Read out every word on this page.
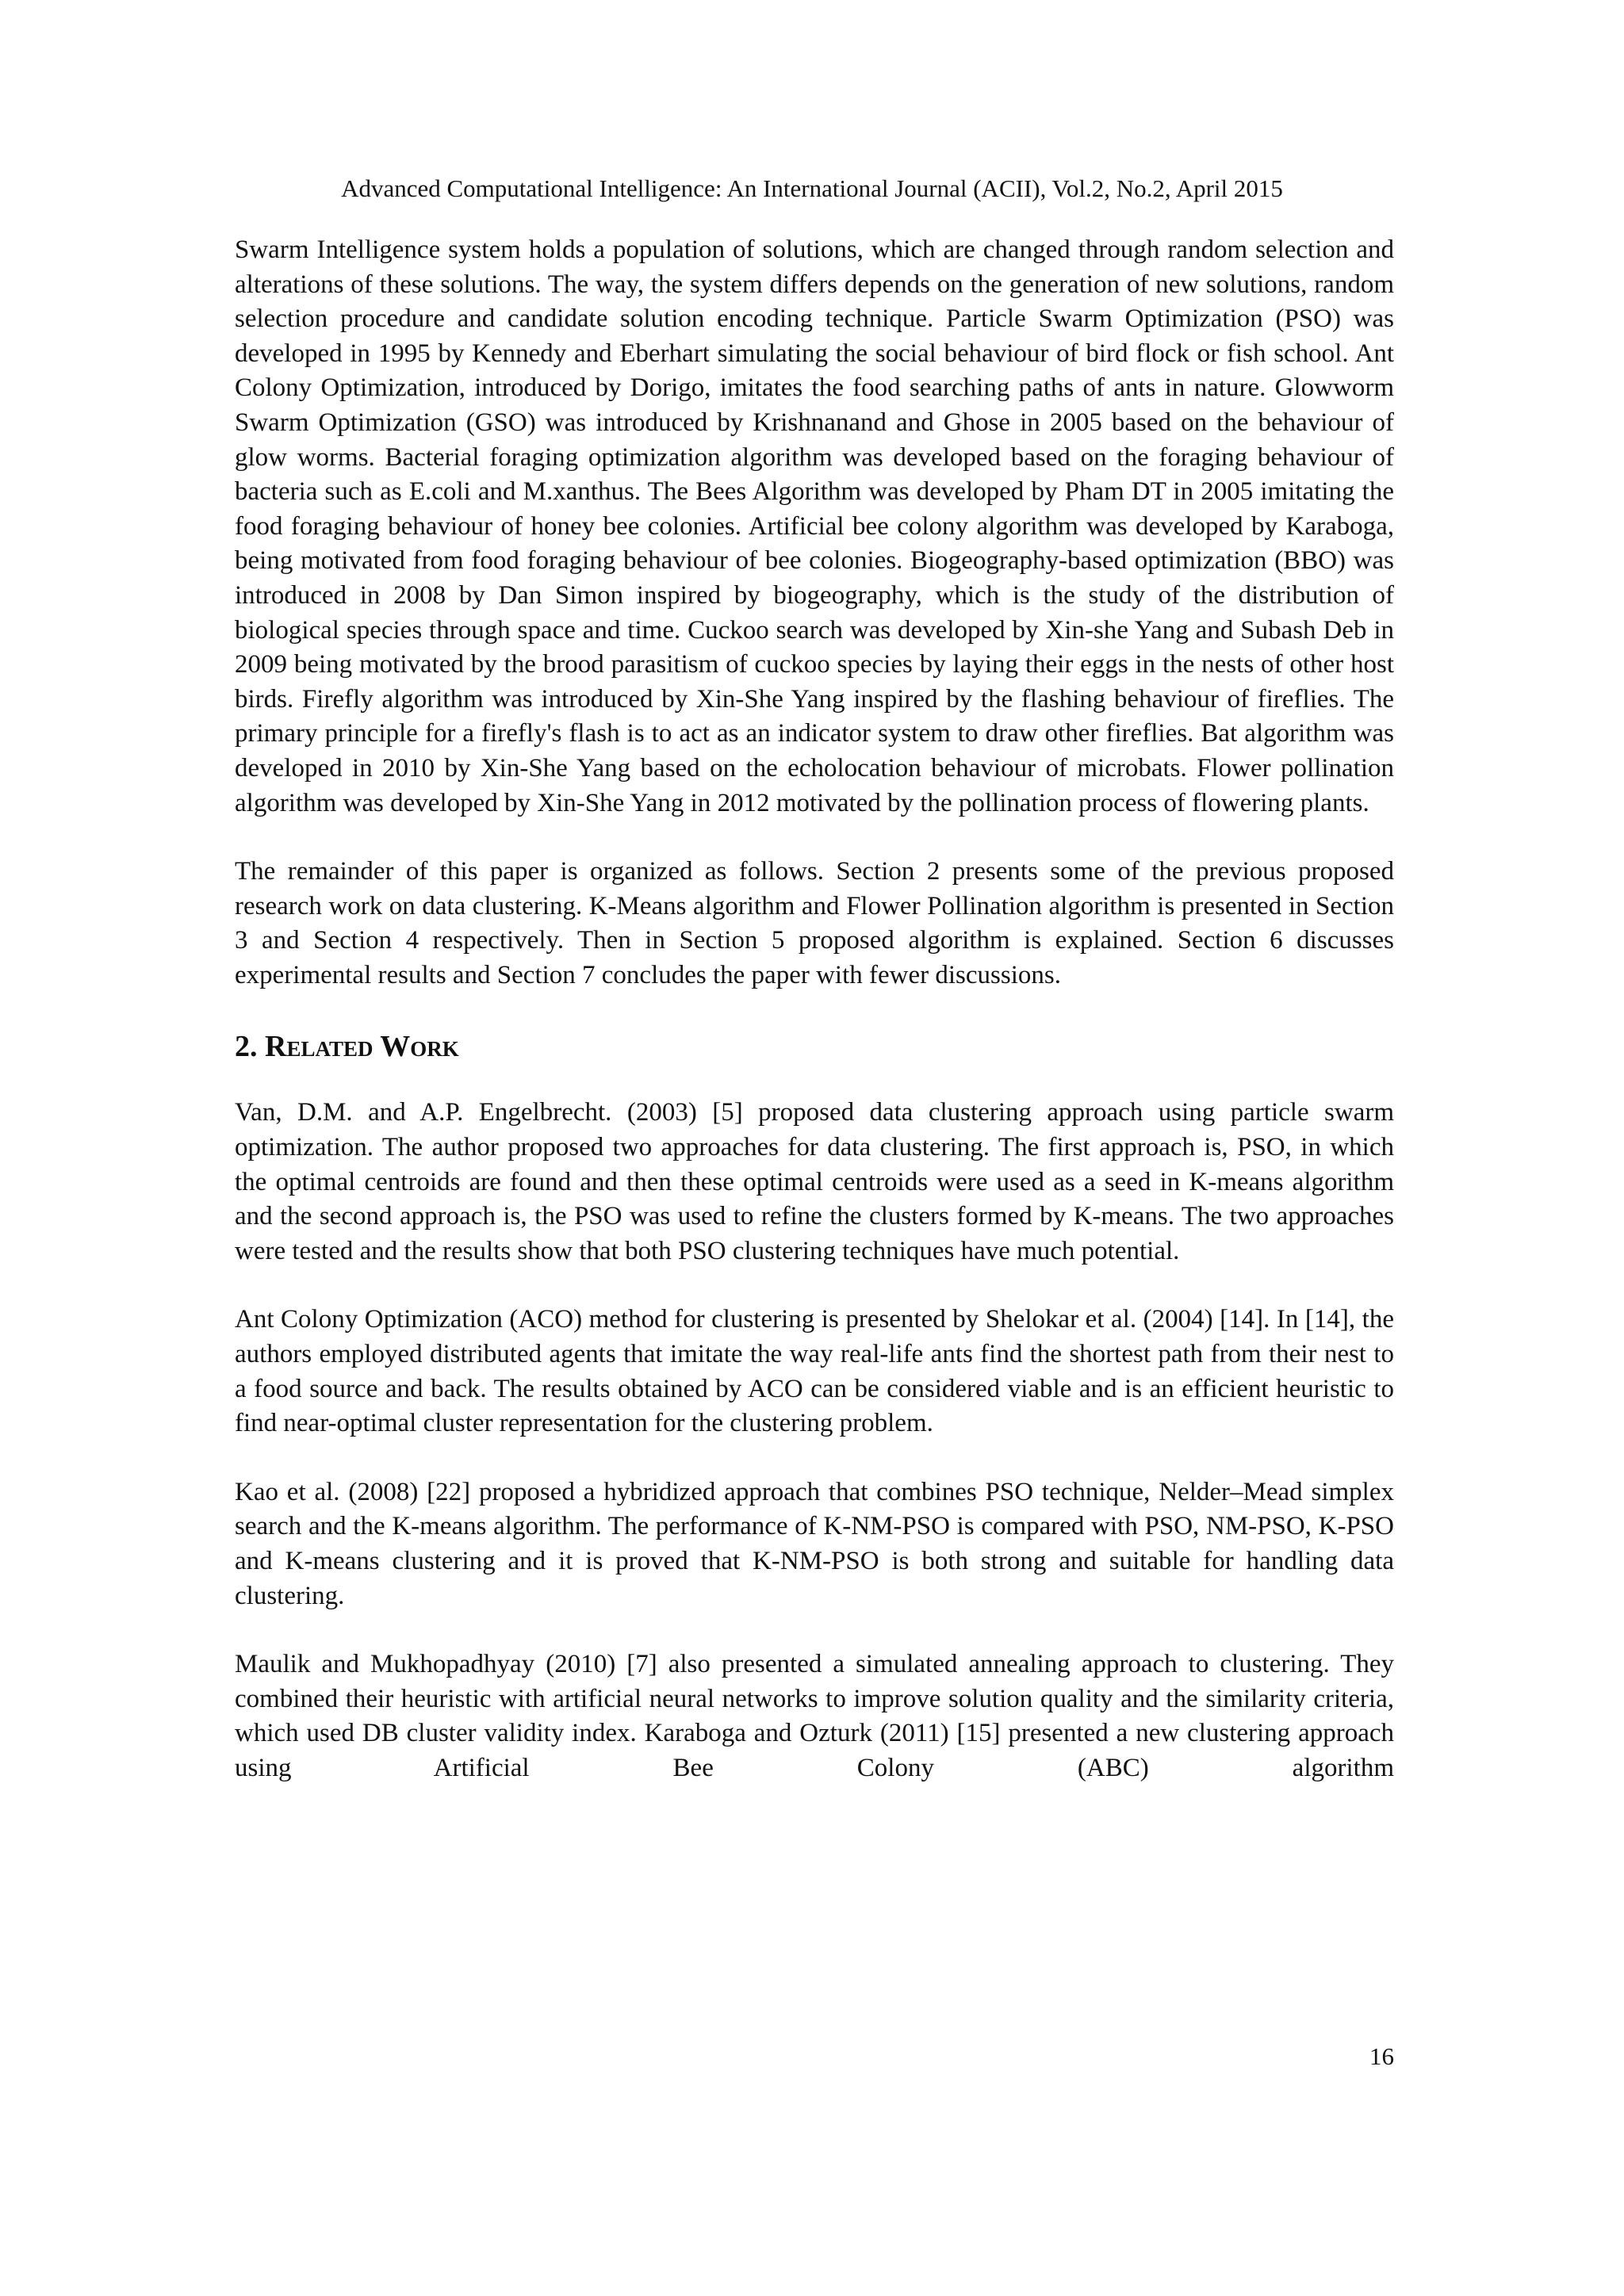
Advanced Computational Intelligence: An International Journal (ACII), Vol.2, No.2, April 2015

Swarm Intelligence system holds a population of solutions, which are changed through random selection and alterations of these solutions. The way, the system differs depends on the generation of new solutions, random selection procedure and candidate solution encoding technique. Particle Swarm Optimization (PSO) was developed in 1995 by Kennedy and Eberhart simulating the social behaviour of bird flock or fish school. Ant Colony Optimization, introduced by Dorigo, imitates the food searching paths of ants in nature. Glowworm Swarm Optimization (GSO) was introduced by Krishnanand and Ghose in 2005 based on the behaviour of glow worms. Bacterial foraging optimization algorithm was developed based on the foraging behaviour of bacteria such as E.coli and M.xanthus. The Bees Algorithm was developed by Pham DT in 2005 imitating the food foraging behaviour of honey bee colonies. Artificial bee colony algorithm was developed by Karaboga, being motivated from food foraging behaviour of bee colonies. Biogeography-based optimization (BBO) was introduced in 2008 by Dan Simon inspired by biogeography, which is the study of the distribution of biological species through space and time. Cuckoo search was developed by Xin-she Yang and Subash Deb in 2009 being motivated by the brood parasitism of cuckoo species by laying their eggs in the nests of other host birds. Firefly algorithm was introduced by Xin-She Yang inspired by the flashing behaviour of fireflies. The primary principle for a firefly's flash is to act as an indicator system to draw other fireflies. Bat algorithm was developed in 2010 by Xin-She Yang based on the echolocation behaviour of microbats. Flower pollination algorithm was developed by Xin-She Yang in 2012 motivated by the pollination process of flowering plants.

The remainder of this paper is organized as follows. Section 2 presents some of the previous proposed research work on data clustering. K-Means algorithm and Flower Pollination algorithm is presented in Section 3 and Section 4 respectively. Then in Section 5 proposed algorithm is explained. Section 6 discusses experimental results and Section 7 concludes the paper with fewer discussions.

2. Related Work

Van, D.M. and A.P. Engelbrecht. (2003) [5] proposed data clustering approach using particle swarm optimization. The author proposed two approaches for data clustering. The first approach is, PSO, in which the optimal centroids are found and then these optimal centroids were used as a seed in K-means algorithm and the second approach is, the PSO was used to refine the clusters formed by K-means. The two approaches were tested and the results show that both PSO clustering techniques have much potential.

Ant Colony Optimization (ACO) method for clustering is presented by Shelokar et al. (2004) [14]. In [14], the authors employed distributed agents that imitate the way real-life ants find the shortest path from their nest to a food source and back. The results obtained by ACO can be considered viable and is an efficient heuristic to find near-optimal cluster representation for the clustering problem.

Kao et al. (2008) [22] proposed a hybridized approach that combines PSO technique, Nelder–Mead simplex search and the K-means algorithm. The performance of K-NM-PSO is compared with PSO, NM-PSO, K-PSO and K-means clustering and it is proved that K-NM-PSO is both strong and suitable for handling data clustering.

Maulik and Mukhopadhyay (2010) [7] also presented a simulated annealing approach to clustering. They combined their heuristic with artificial neural networks to improve solution quality and the similarity criteria, which used DB cluster validity index. Karaboga and Ozturk (2011) [15] presented a new clustering approach using Artificial Bee Colony (ABC) algorithm

16
